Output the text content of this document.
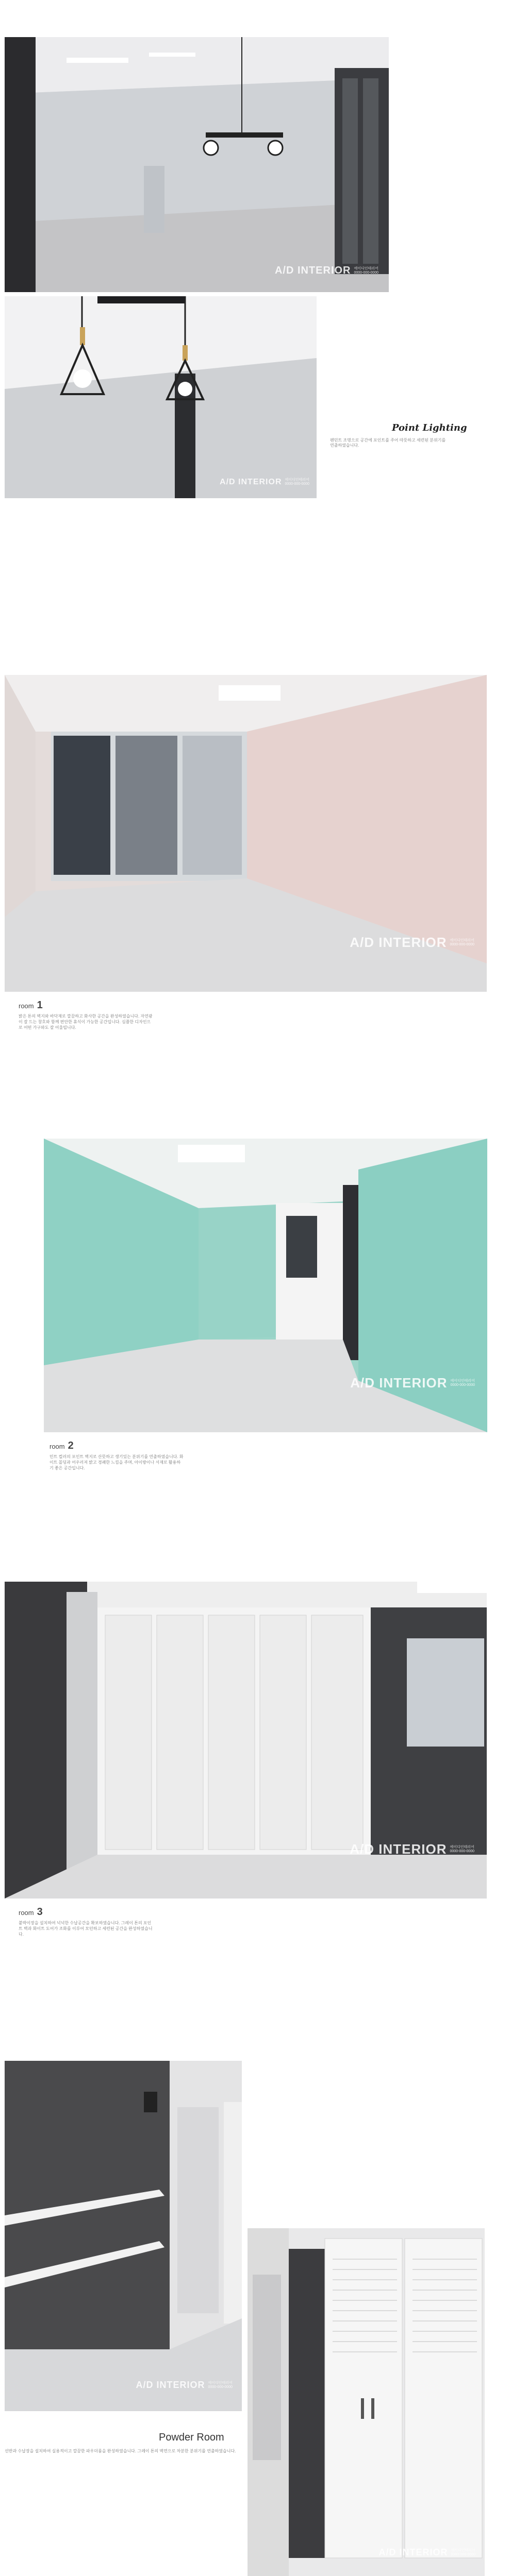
A/D INTERIOR 에이디인테리어
0000-000-0000
A/D INTERIOR 에이디인테리어
0000-000-0000
Point Lighting
펜던트 조명으로 공간에 포인트를 주어 따뜻하고 세련된 분위기를 연출하였습니다.
A/D INTERIOR 에이디인테리어
0000-000-0000
room 1
밝은 톤의 벽지와 바닥재로 깔끔하고 화사한 공간을 완성하였습니다. 자연광이 잘 드는 창호와 함께 편안한 휴식이 가능한 공간입니다. 심플한 디자인으로 어떤 가구와도 잘 어울립니다.
A/D INTERIOR 에이디인테리어
0000-000-0000
room 2
민트 컬러의 포인트 벽지로 산뜻하고 생기있는 분위기를 연출하였습니다. 화이트 몰딩과 어우러져 밝고 경쾌한 느낌을 주며, 아이방이나 서재로 활용하기 좋은 공간입니다.
A/D INTERIOR 에이디인테리어
0000-000-0000
room 3
붙박이장을 설치하여 넉넉한 수납공간을 확보하였습니다. 그레이 톤의 포인트 벽과 화이트 도어가 조화를 이루어 모던하고 세련된 공간을 완성하였습니다.
A/D INTERIOR 에이디인테리어
0000-000-0000
A/D INTERIOR 에이디인테리어
0000-000-0000
Powder Room
선반과 수납장을 설치하여 실용적이고 깔끔한 파우더룸을 완성하였습니다. 그레이 톤의 벽면으로 차분한 분위기를 연출하였습니다.
